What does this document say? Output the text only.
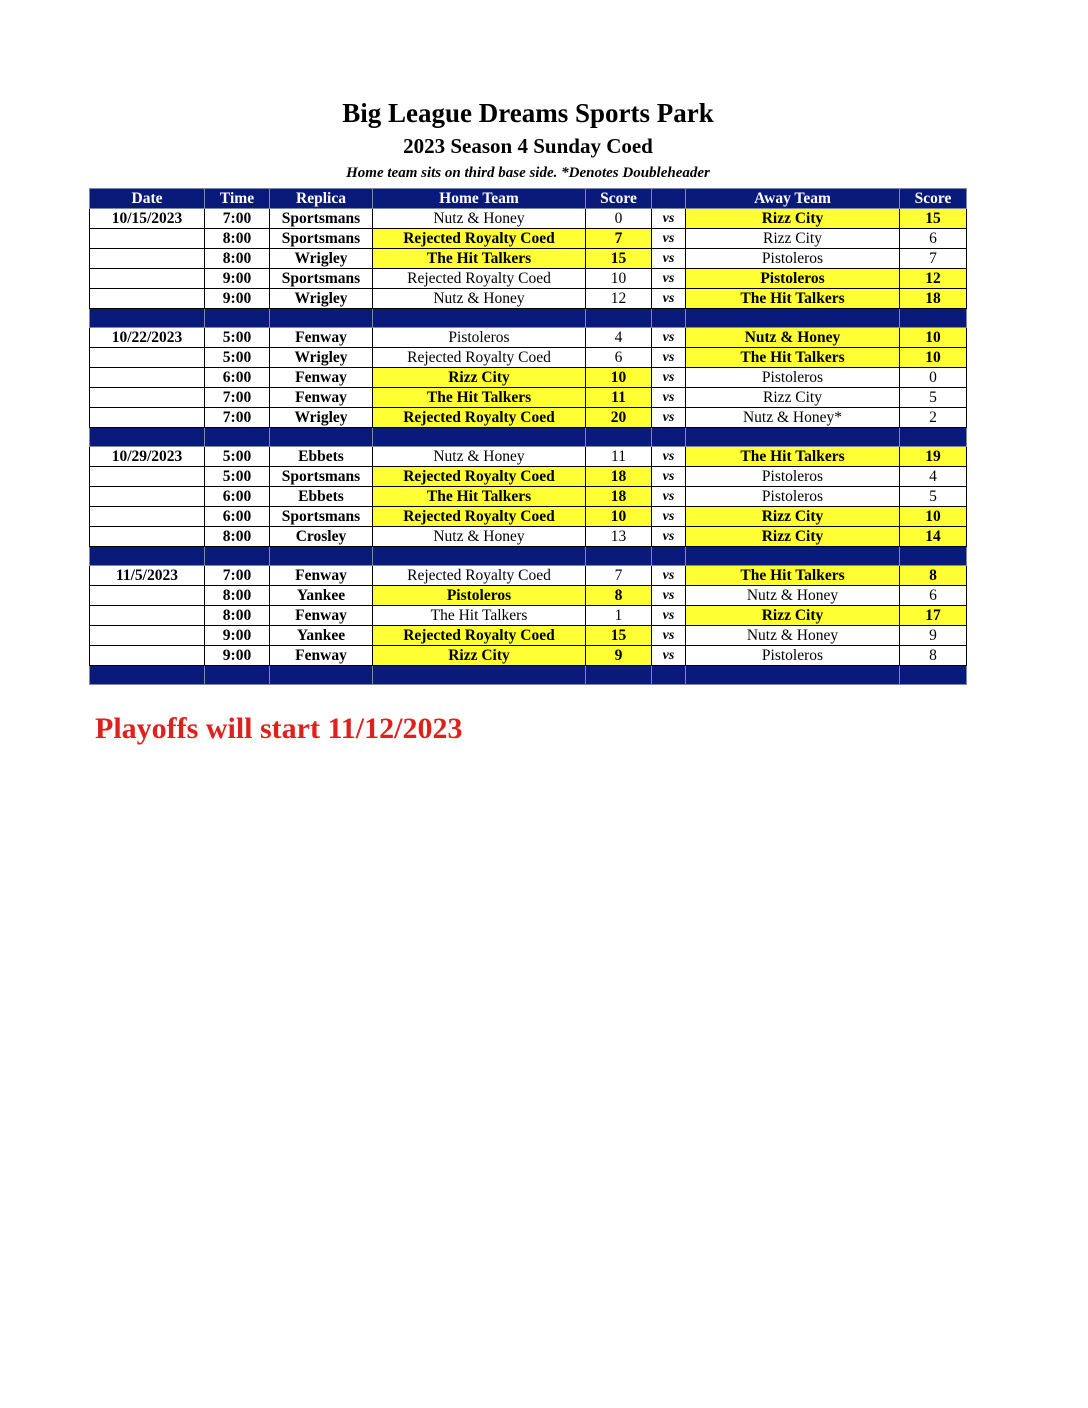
Big League Dreams Sports Park
2023 Season 4 Sunday Coed
Home team sits on third base side. *Denotes Doubleheader
Date	Time	Replica	Home Team	Score		Away Team	Score
10/15/2023	7:00	Sportsmans	Nutz & Honey	0	vs	Rizz City	15
	8:00	Sportsmans	Rejected Royalty Coed	7	vs	Rizz City	6
	8:00	Wrigley	The Hit Talkers	15	vs	Pistoleros	7
	9:00	Sportsmans	Rejected Royalty Coed	10	vs	Pistoleros	12
	9:00	Wrigley	Nutz & Honey	12	vs	The Hit Talkers	18

10/22/2023	5:00	Fenway	Pistoleros	4	vs	Nutz & Honey	10
	5:00	Wrigley	Rejected Royalty Coed	6	vs	The Hit Talkers	10
	6:00	Fenway	Rizz City	10	vs	Pistoleros	0
	7:00	Fenway	The Hit Talkers	11	vs	Rizz City	5
	7:00	Wrigley	Rejected Royalty Coed	20	vs	Nutz & Honey*	2

10/29/2023	5:00	Ebbets	Nutz & Honey	11	vs	The Hit Talkers	19
	5:00	Sportsmans	Rejected Royalty Coed	18	vs	Pistoleros	4
	6:00	Ebbets	The Hit Talkers	18	vs	Pistoleros	5
	6:00	Sportsmans	Rejected Royalty Coed	10	vs	Rizz City	10
	8:00	Crosley	Nutz & Honey	13	vs	Rizz City	14

11/5/2023	7:00	Fenway	Rejected Royalty Coed	7	vs	The Hit Talkers	8
	8:00	Yankee	Pistoleros	8	vs	Nutz & Honey	6
	8:00	Fenway	The Hit Talkers	1	vs	Rizz City	17
	9:00	Yankee	Rejected Royalty Coed	15	vs	Nutz & Honey	9
	9:00	Fenway	Rizz City	9	vs	Pistoleros	8

Playoffs will start 11/12/2023
